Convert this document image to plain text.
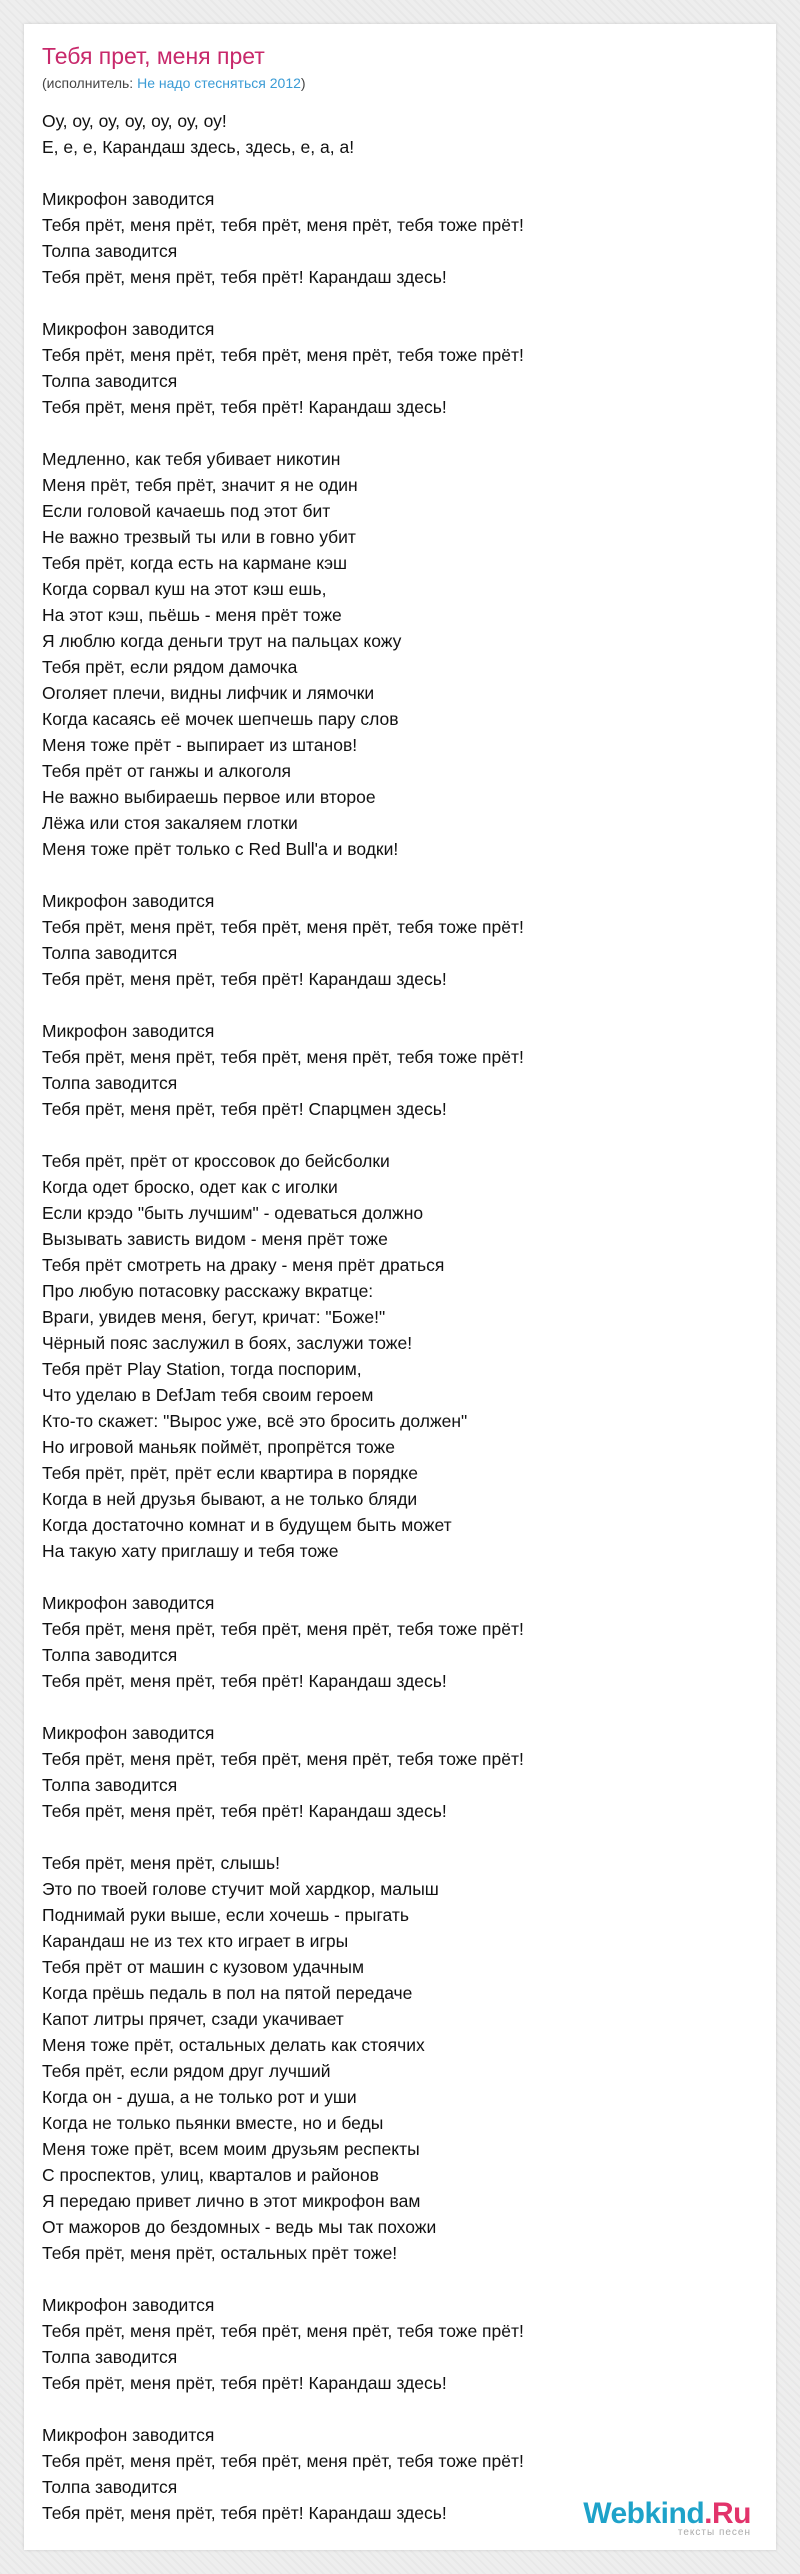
Тебя прет, меня прет
(исполнитель: Не надо стесняться 2012)
Оу, оу, оу, оу, оу, оу, оу!
Е, е, е, Карандаш здесь, здесь, е, а, а!
Микрофон заводится
Тебя прёт, меня прёт, тебя прёт, меня прёт, тебя тоже прёт!
Толпа заводится
Тебя прёт, меня прёт, тебя прёт! Карандаш здесь!
Микрофон заводится
Тебя прёт, меня прёт, тебя прёт, меня прёт, тебя тоже прёт!
Толпа заводится
Тебя прёт, меня прёт, тебя прёт! Карандаш здесь!
Медленно, как тебя убивает никотин
Меня прёт, тебя прёт, значит я не один
Если головой качаешь под этот бит
Не важно трезвый ты или в говно убит
Тебя прёт, когда есть на кармане кэш
Когда сорвал куш на этот кэш ешь,
На этот кэш, пьёшь - меня прёт тоже
Я люблю когда деньги трут на пальцах кожу
Тебя прёт, если рядом дамочка
Оголяет плечи, видны лифчик и лямочки
Когда касаясь её мочек шепчешь пару слов
Меня тоже прёт - выпирает из штанов!
Тебя прёт от ганжы и алкоголя
Не важно выбираешь первое или второе
Лёжа или стоя закаляем глотки
Меня тоже прёт только с Red Bull'a и водки!
Микрофон заводится
Тебя прёт, меня прёт, тебя прёт, меня прёт, тебя тоже прёт!
Толпа заводится
Тебя прёт, меня прёт, тебя прёт! Карандаш здесь!
Микрофон заводится
Тебя прёт, меня прёт, тебя прёт, меня прёт, тебя тоже прёт!
Толпа заводится
Тебя прёт, меня прёт, тебя прёт! Спарцмен здесь!
Тебя прёт, прёт от кроссовок до бейсболки
Когда одет броско, одет как с иголки
Если крэдо "быть лучшим" - одеваться должно
Вызывать зависть видом - меня прёт тоже
Тебя прёт смотреть на драку - меня прёт драться
Про любую потасовку расскажу вкратце:
Враги, увидев меня, бегут, кричат: "Боже!"
Чёрный пояс заслужил в боях, заслужи тоже!
Тебя прёт Play Station, тогда поспорим,
Что уделаю в DefJam тебя своим героем
Кто-то скажет: "Вырос уже, всё это бросить должен"
Но игровой маньяк поймёт, пропрётся тоже
Тебя прёт, прёт, прёт если квартира в порядке
Когда в ней друзья бывают, а не только бляди
Когда достаточно комнат и в будущем быть может
На такую хату приглашу и тебя тоже
Микрофон заводится
Тебя прёт, меня прёт, тебя прёт, меня прёт, тебя тоже прёт!
Толпа заводится
Тебя прёт, меня прёт, тебя прёт! Карандаш здесь!
Микрофон заводится
Тебя прёт, меня прёт, тебя прёт, меня прёт, тебя тоже прёт!
Толпа заводится
Тебя прёт, меня прёт, тебя прёт! Карандаш здесь!
Тебя прёт, меня прёт, слышь!
Это по твоей голове стучит мой хардкор, малыш
Поднимай руки выше, если хочешь - прыгать
Карандаш не из тех кто играет в игры
Тебя прёт от машин с кузовом удачным
Когда прёшь педаль в пол на пятой передаче
Капот литры прячет, сзади укачивает
Меня тоже прёт, остальных делать как стоячих
Тебя прёт, если рядом друг лучший
Когда он - душа, а не только рот и уши
Когда не только пьянки вместе, но и беды
Меня тоже прёт, всем моим друзьям респекты
С проспектов, улиц, кварталов и районов
Я передаю привет лично в этот микрофон вам
От мажоров до бездомных - ведь мы так похожи
Тебя прёт, меня прёт, остальных прёт тоже!
Микрофон заводится
Тебя прёт, меня прёт, тебя прёт, меня прёт, тебя тоже прёт!
Толпа заводится
Тебя прёт, меня прёт, тебя прёт! Карандаш здесь!
Микрофон заводится
Тебя прёт, меня прёт, тебя прёт, меня прёт, тебя тоже прёт!
Толпа заводится
Тебя прёт, меня прёт, тебя прёт! Карандаш здесь!	Webkind.Ru
тексты песен
